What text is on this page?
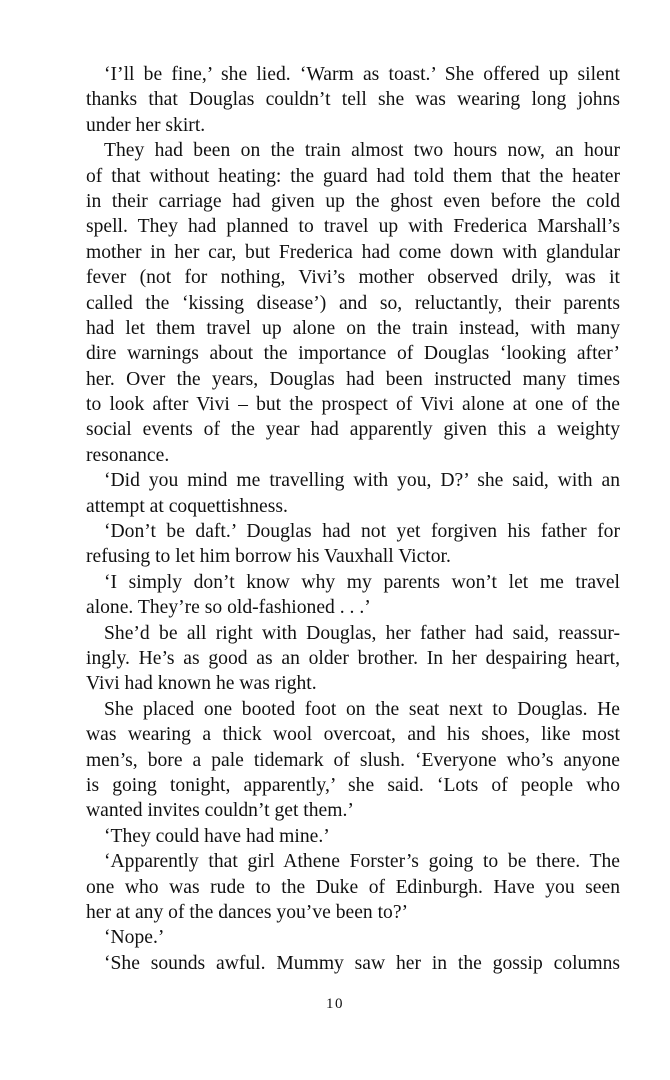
‘I’ll be fine,’ she lied. ‘Warm as toast.’ She offered up silent
thanks that Douglas couldn’t tell she was wearing long johns
under her skirt.
They had been on the train almost two hours now, an hour
of that without heating: the guard had told them that the heater
in their carriage had given up the ghost even before the cold
spell. They had planned to travel up with Frederica Marshall’s
mother in her car, but Frederica had come down with glandular
fever (not for nothing, Vivi’s mother observed drily, was it
called the ‘kissing disease’) and so, reluctantly, their parents
had let them travel up alone on the train instead, with many
dire warnings about the importance of Douglas ‘looking after’
her. Over the years, Douglas had been instructed many times
to look after Vivi – but the prospect of Vivi alone at one of the
social events of the year had apparently given this a weighty
resonance.
‘Did you mind me travelling with you, D?’ she said, with an
attempt at coquettishness.
‘Don’t be daft.’ Douglas had not yet forgiven his father for
refusing to let him borrow his Vauxhall Victor.
‘I simply don’t know why my parents won’t let me travel
alone. They’re so old-fashioned . . .’
She’d be all right with Douglas, her father had said, reassur-
ingly. He’s as good as an older brother. In her despairing heart,
Vivi had known he was right.
She placed one booted foot on the seat next to Douglas. He
was wearing a thick wool overcoat, and his shoes, like most
men’s, bore a pale tidemark of slush. ‘Everyone who’s anyone
is going tonight, apparently,’ she said. ‘Lots of people who
wanted invites couldn’t get them.’
‘They could have had mine.’
‘Apparently that girl Athene Forster’s going to be there. The
one who was rude to the Duke of Edinburgh. Have you seen
her at any of the dances you’ve been to?’
‘Nope.’
‘She sounds awful. Mummy saw her in the gossip columns
10
